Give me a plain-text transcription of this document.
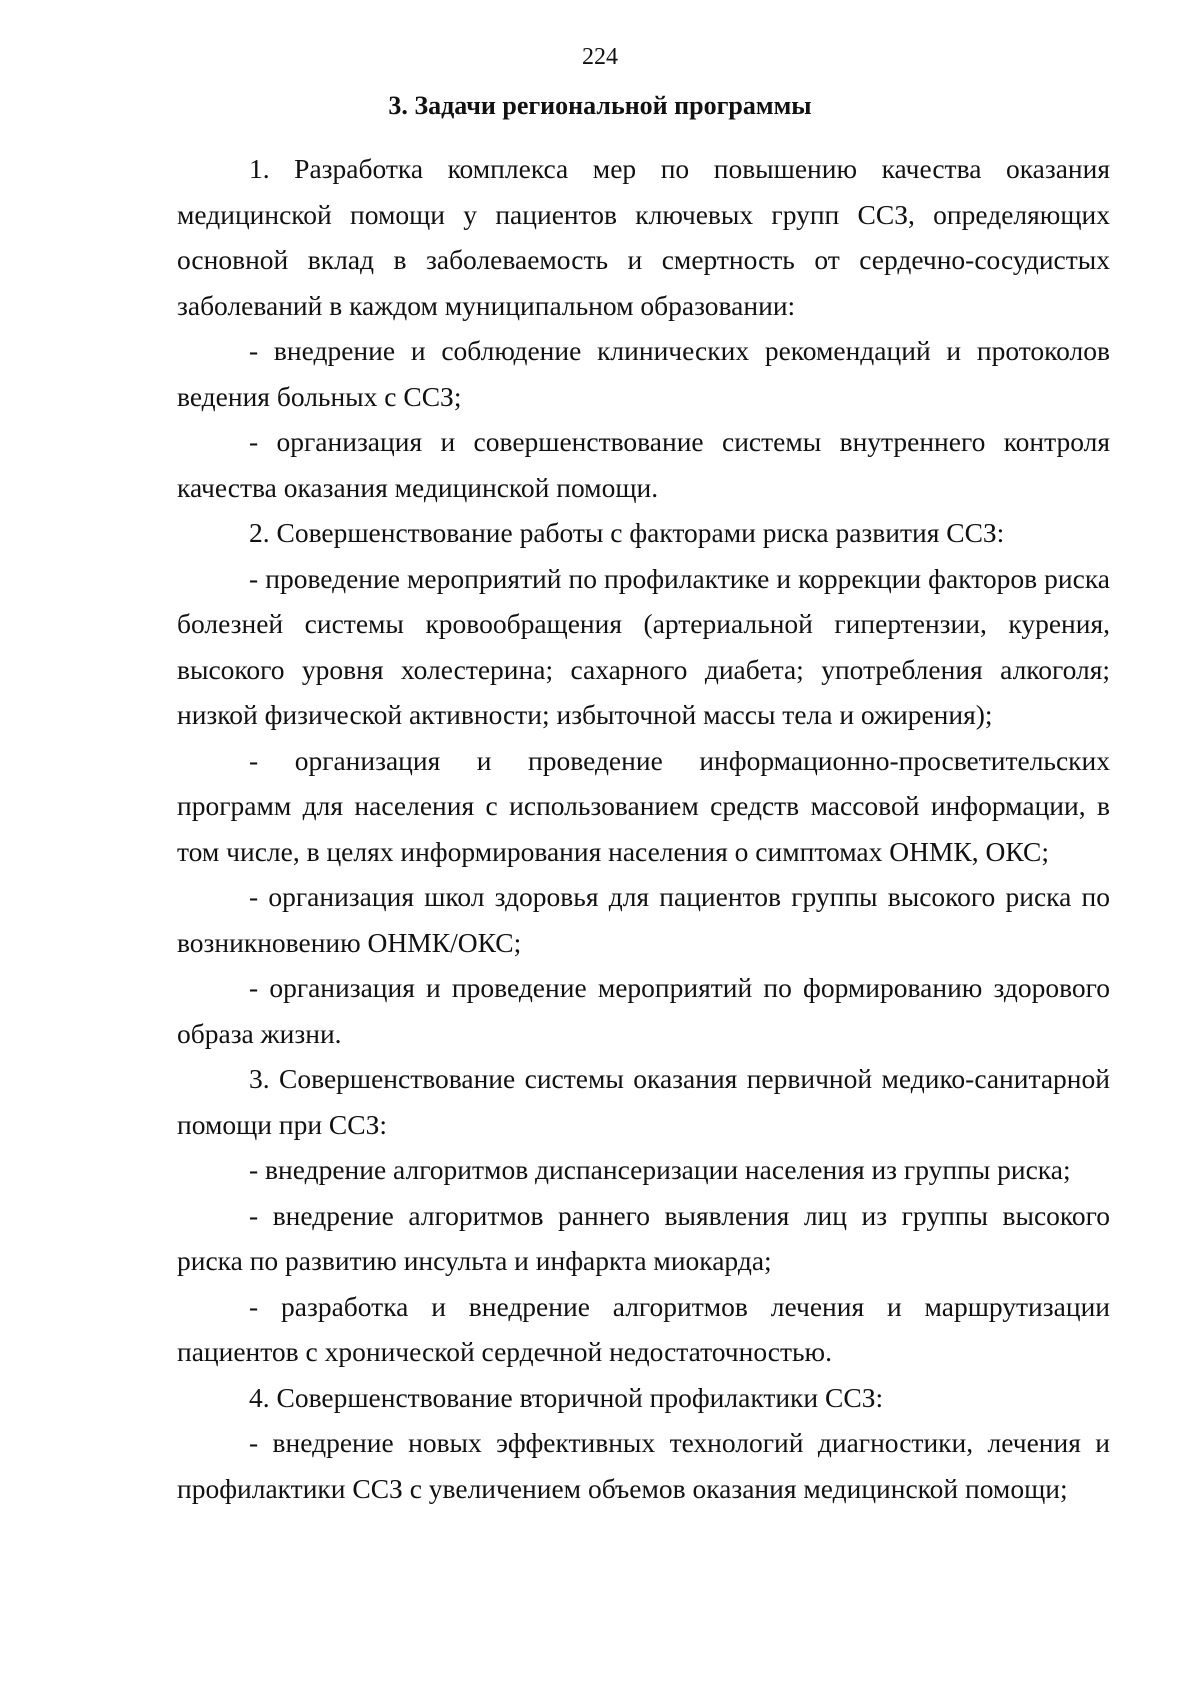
224
3. Задачи региональной программы

1. Разработка комплекса мер по повышению качества оказания медицинской помощи у пациентов ключевых групп ССЗ, определяющих основной вклад в заболеваемость и смертность от сердечно-сосудистых заболеваний в каждом муниципальном образовании:

- внедрение и соблюдение клинических рекомендаций и протоколов ведения больных с ССЗ;

- организация и совершенствование системы внутреннего контроля качества оказания медицинской помощи.

2. Совершенствование работы с факторами риска развития ССЗ:

- проведение мероприятий по профилактике и коррекции факторов риска болезней системы кровообращения (артериальной гипертензии, курения, высокого уровня холестерина; сахарного диабета; употребления алкоголя; низкой физической активности; избыточной массы тела и ожирения);

- организация и проведение информационно-просветительских программ для населения с использованием средств массовой информации, в том числе, в целях информирования населения о симптомах ОНМК, ОКС;

- организация школ здоровья для пациентов группы высокого риска по возникновению ОНМК/ОКС;

- организация и проведение мероприятий по формированию здорового образа жизни.

3. Совершенствование системы оказания первичной медико-санитарной помощи при ССЗ:

- внедрение алгоритмов диспансеризации населения из группы риска;

- внедрение алгоритмов раннего выявления лиц из группы высокого риска по развитию инсульта и инфаркта миокарда;

- разработка и внедрение алгоритмов лечения и маршрутизации пациентов с хронической сердечной недостаточностью.

4. Совершенствование вторичной профилактики ССЗ:

- внедрение новых эффективных технологий диагностики, лечения и профилактики ССЗ с увеличением объемов оказания медицинской помощи;
